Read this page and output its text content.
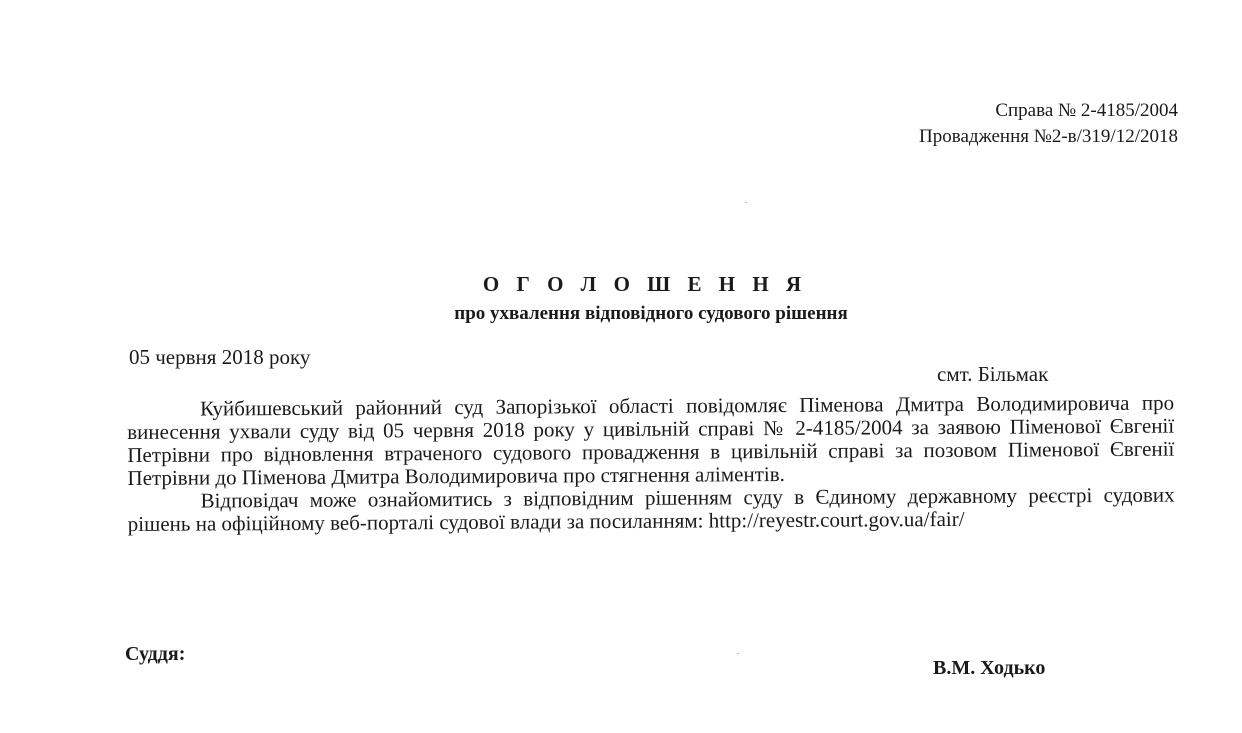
Справа № 2-4185/2004
Провадження №2-в/319/12/2018
О Г О Л О Ш Е Н Н Я
про ухвалення відповідного судового рішення
05 червня 2018 року
смт. Більмак

Куйбишевський районний суд Запорізької області повідомляє Піменова Дмитра Володимировича про винесення ухвали суду від 05 червня 2018 року у цивільній справі № 2-4185/2004 за заявою Піменової Євгенії Петрівни про відновлення втраченого судового провадження в цивільній справі за позовом Піменової Євгенії Петрівни до Піменова Дмитра Володимировича про стягнення аліментів.

Відповідач може ознайомитись з відповідним рішенням суду в Єдиному державному реєстрі судових рішень на офіційному веб-порталі судової влади за посиланням: http://reyestr.court.gov.ua/fair/

Суддя:
В.М. Ходько
